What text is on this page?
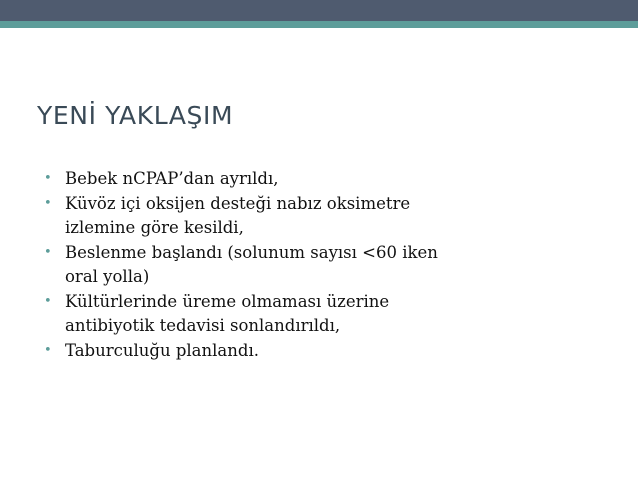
YENİ YAKLAŞIM
• Bebek nCPAP’dan ayrıldı,
• Küvöz içi oksijen desteği nabız oksimetre
izlemine göre kesildi,
• Beslenme başlandı (solunum sayısı <60 iken
oral yolla)
• Kültürlerinde üreme olmaması üzerine
antibiyotik tedavisi sonlandırıldı,
• Taburculuğu planlandı.
